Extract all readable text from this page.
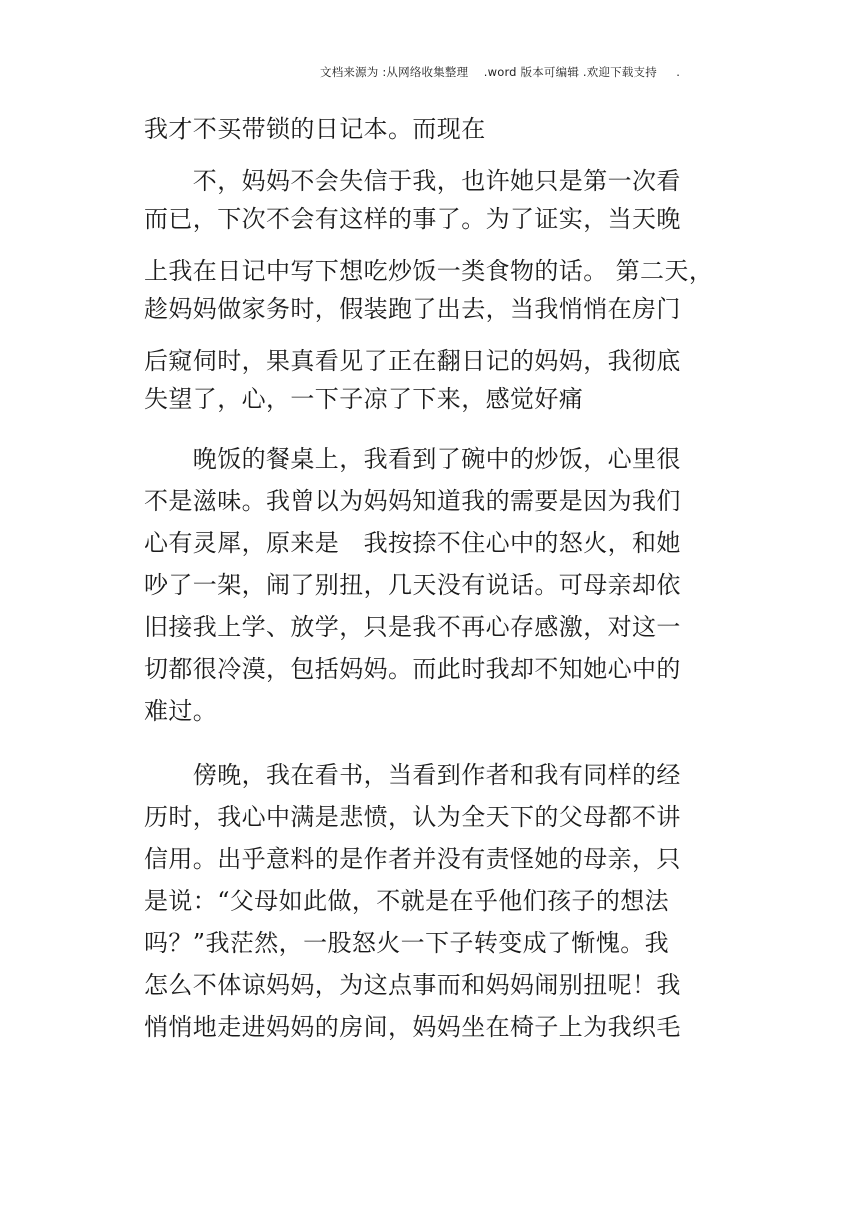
文档来源为 :从网络收集整理    .word 版本可编辑 .欢迎下载支持     .
我才不买带锁的日记本。而现在
　　不，妈妈不会失信于我，也许她只是第一次看
而已，下次不会有这样的事了。为了证实，当天晚
上我在日记中写下想吃炒饭一类食物的话。 第二天，
趁妈妈做家务时，假装跑了出去，当我悄悄在房门
后窥伺时，果真看见了正在翻日记的妈妈，我彻底
失望了，心，一下子凉了下来，感觉好痛
　　晚饭的餐桌上，我看到了碗中的炒饭，心里很
不是滋味。我曾以为妈妈知道我的需要是因为我们
心有灵犀，原来是　我按捺不住心中的怒火，和她
吵了一架，闹了别扭，几天没有说话。可母亲却依
旧接我上学、放学，只是我不再心存感激，对这一
切都很冷漠，包括妈妈。而此时我却不知她心中的
难过。
　　傍晚，我在看书，当看到作者和我有同样的经
历时，我心中满是悲愤，认为全天下的父母都不讲
信用。出乎意料的是作者并没有责怪她的母亲，只
是说：“父母如此做，不就是在乎他们孩子的想法
吗？”我茫然，一股怒火一下子转变成了惭愧。我
怎么不体谅妈妈，为这点事而和妈妈闹别扭呢！我
悄悄地走进妈妈的房间，妈妈坐在椅子上为我织毛
